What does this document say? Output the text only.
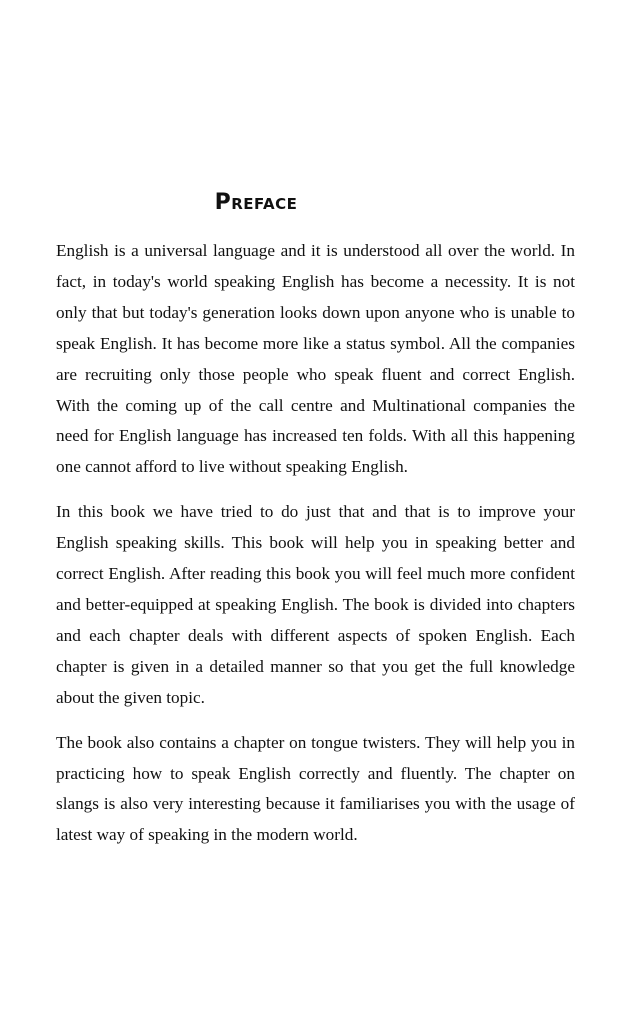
Preface

English is a universal language and it is understood all over the world. In fact, in today's world speaking English has become a necessity. It is not only that but today's generation looks down upon anyone who is unable to speak English. It has become more like a status symbol. All the companies are recruiting only those people who speak fluent and correct English. With the coming up of the call centre and Multinational companies the need for English language has increased ten folds. With all this happening one cannot afford to live without speaking English.

In this book we have tried to do just that and that is to improve your English speaking skills. This book will help you in speaking better and correct English. After reading this book you will feel much more confident and better-equipped at speaking English. The book is divided into chapters and each chapter deals with different aspects of spoken English. Each chapter is given in a detailed manner so that you get the full knowledge about the given topic.

The book also contains a chapter on tongue twisters. They will help you in practicing how to speak English correctly and fluently. The chapter on slangs is also very interesting because it familiarises you with the usage of latest way of speaking in the modern world.
